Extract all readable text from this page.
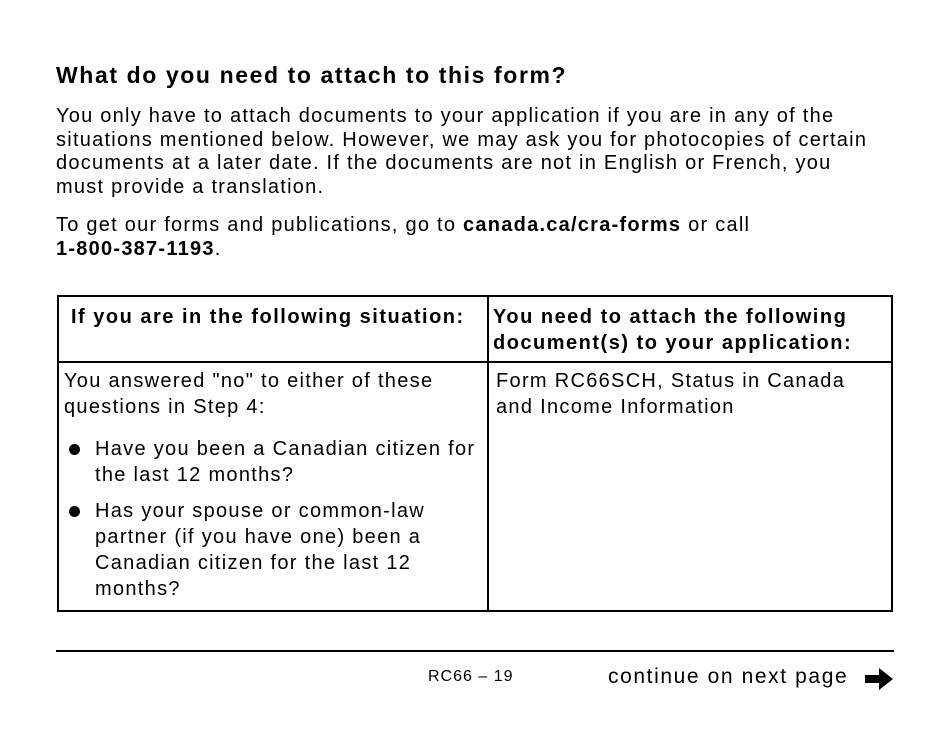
What do you need to attach to this form?

You only have to attach documents to your application if you are in any of the situations mentioned below. However, we may ask you for photocopies of certain documents at a later date. If the documents are not in English or French, you must provide a translation.

To get our forms and publications, go to canada.ca/cra-forms or call
1-800-387-1193.

If you are in the following situation:	You need to attach the following document(s) to your application:

You answered "no" to either of these questions in Step 4:

Have you been a Canadian citizen for the last 12 months?
Has your spouse or common-law partner (if you have one) been a Canadian citizen for the last 12 months?

Form RC66SCH, Status in Canada and Income Information

RC66 – 19	continue on next page
